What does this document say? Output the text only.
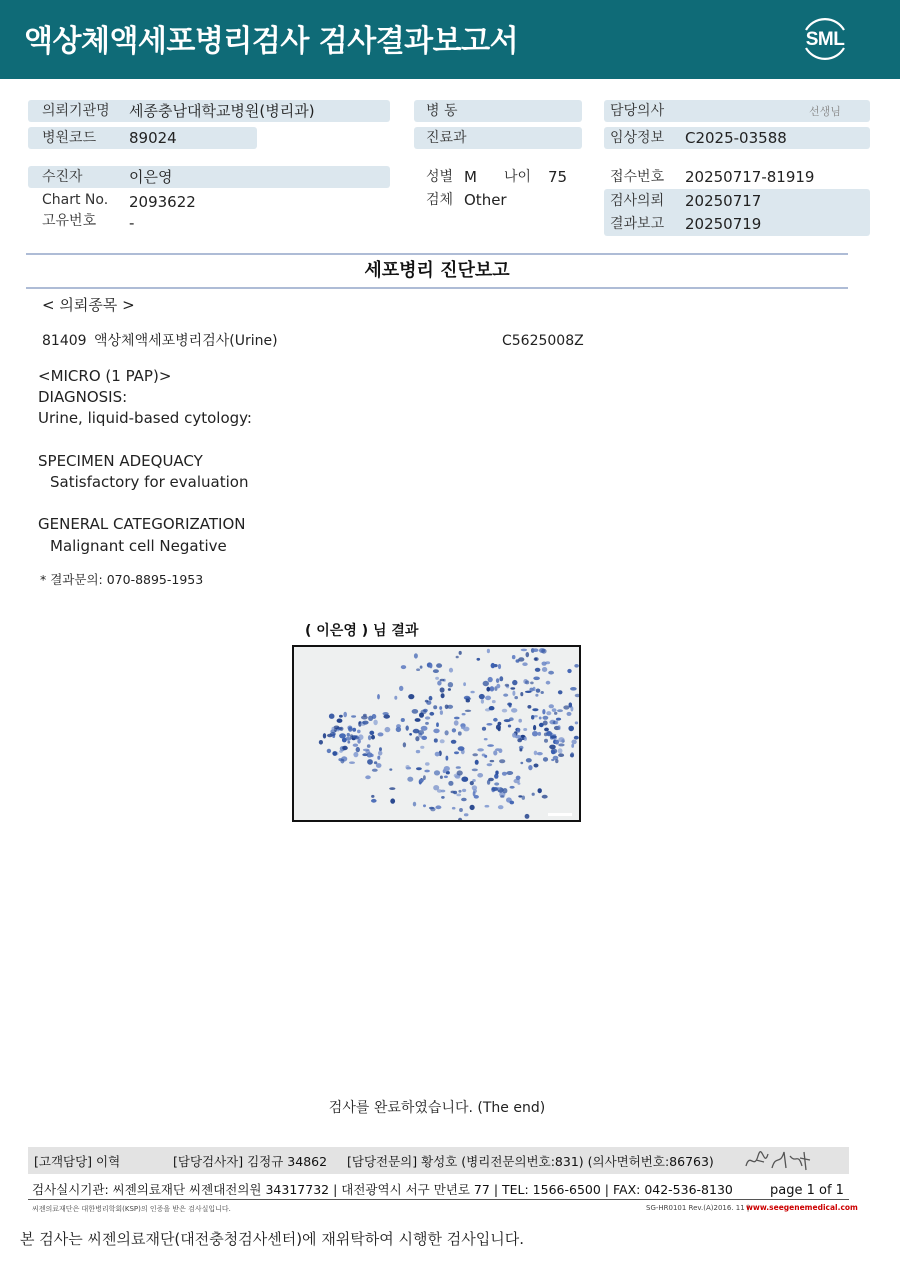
액상체액세포병리검사 검사결과보고서	SML
의뢰기관명 세종충남대학교병원(병리과)
병원코드 89024
수진자	이은영
Chart No. 2093622
고유번호 -
병 동
진료과
성별 M 나이 75
검체 Other
담당의사	선생님
임상정보 C2025-03588
접수번호 20250717-81919
검사의뢰 20250717
결과보고 20250719
세포병리 진단보고
< 의뢰종목 >
81409 액상체액세포병리검사(Urine)	C5625008Z
<MICRO (1 PAP)>
DIAGNOSIS:
Urine, liquid-based cytology:
SPECIMEN ADEQUACY
Satisfactory for evaluation
GENERAL CATEGORIZATION
Malignant cell Negative
* 결과문의: 070-8895-1953
( 이은영 ) 님 결과
검사를 완료하였습니다. (The end)
[고객담당] 이혁	[담당검사자] 김정규 34862 [담당전문의] 황성호 (병리전문의번호:831) (의사면허번호:86763)
검사실시기관: 씨젠의료재단 씨젠대전의원 34317732 | 대전광역시 서구 만년로 77 | TEL: 1566-6500 | FAX: 042-536-8130	page 1 of 1
씨젠의료재단은 대한병리학회(KSP)의 인증을 받은 검사실입니다.	SG-HR0101 Rev.(A)2016. 11 |
www.seegenemedical.com
본 검사는 씨젠의료재단(대전충청검사센터)에 재위탁하여 시행한 검사입니다.
